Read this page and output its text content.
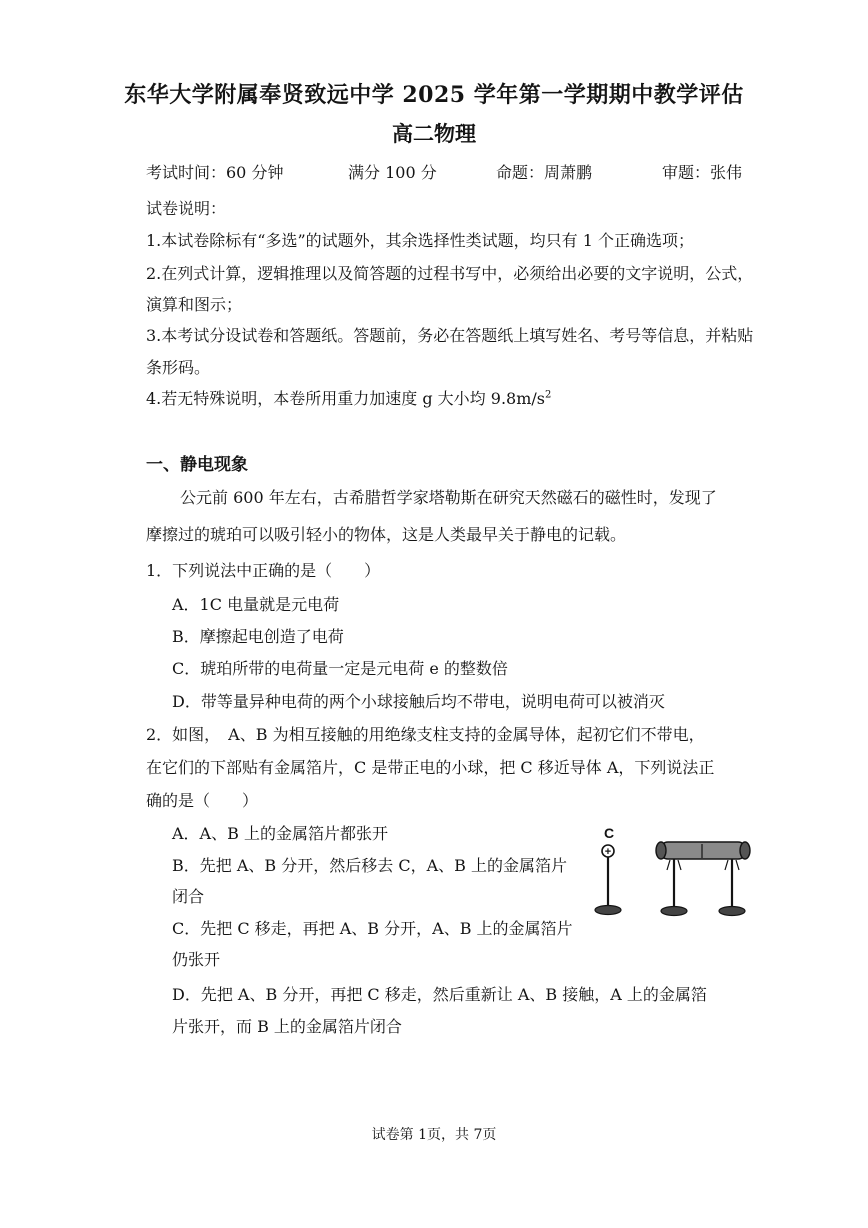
东华大学附属奉贤致远中学 2025 学年第一学期期中教学评估
高二物理
考试时间：60 分钟	满分 100 分	命题：周萧鹏	审题：张伟
试卷说明：
1.本试卷除标有“多选”的试题外，其余选择性类试题，均只有 1 个正确选项；
2.在列式计算，逻辑推理以及简答题的过程书写中，必须给出必要的文字说明，公式，
演算和图示；
3.本考试分设试卷和答题纸。答题前，务必在答题纸上填写姓名、考号等信息，并粘贴
条形码。
4.若无特殊说明，本卷所用重力加速度 g 大小均 $9.8m/s^2$
一、静电现象
公元前 600 年左右，古希腊哲学家塔勒斯在研究天然磁石的磁性时，发现了
摩擦过的琥珀可以吸引轻小的物体，这是人类最早关于静电的记载。
1．下列说法中正确的是（　　）
A．1C 电量就是元电荷
B．摩擦起电创造了电荷
C．琥珀所带的电荷量一定是元电荷 e 的整数倍
D．带等量异种电荷的两个小球接触后均不带电，说明电荷可以被消灭
2．如图，　A、B 为相互接触的用绝缘支柱支持的金属导体，起初它们不带电，
在它们的下部贴有金属箔片，C 是带正电的小球，把 C 移近导体 A，下列说法正
确的是（　　）
A．A、B 上的金属箔片都张开
B．先把 A、B 分开，然后移去 C，A、B 上的金属箔片
闭合
C．先把 C 移走，再把 A、B 分开，A、B 上的金属箔片
仍张开
D．先把 A、B 分开，再把 C 移走，然后重新让 A、B 接触，A 上的金属箔
片张开，而 B 上的金属箔片闭合
C
+
试卷第 1页，共 7页
